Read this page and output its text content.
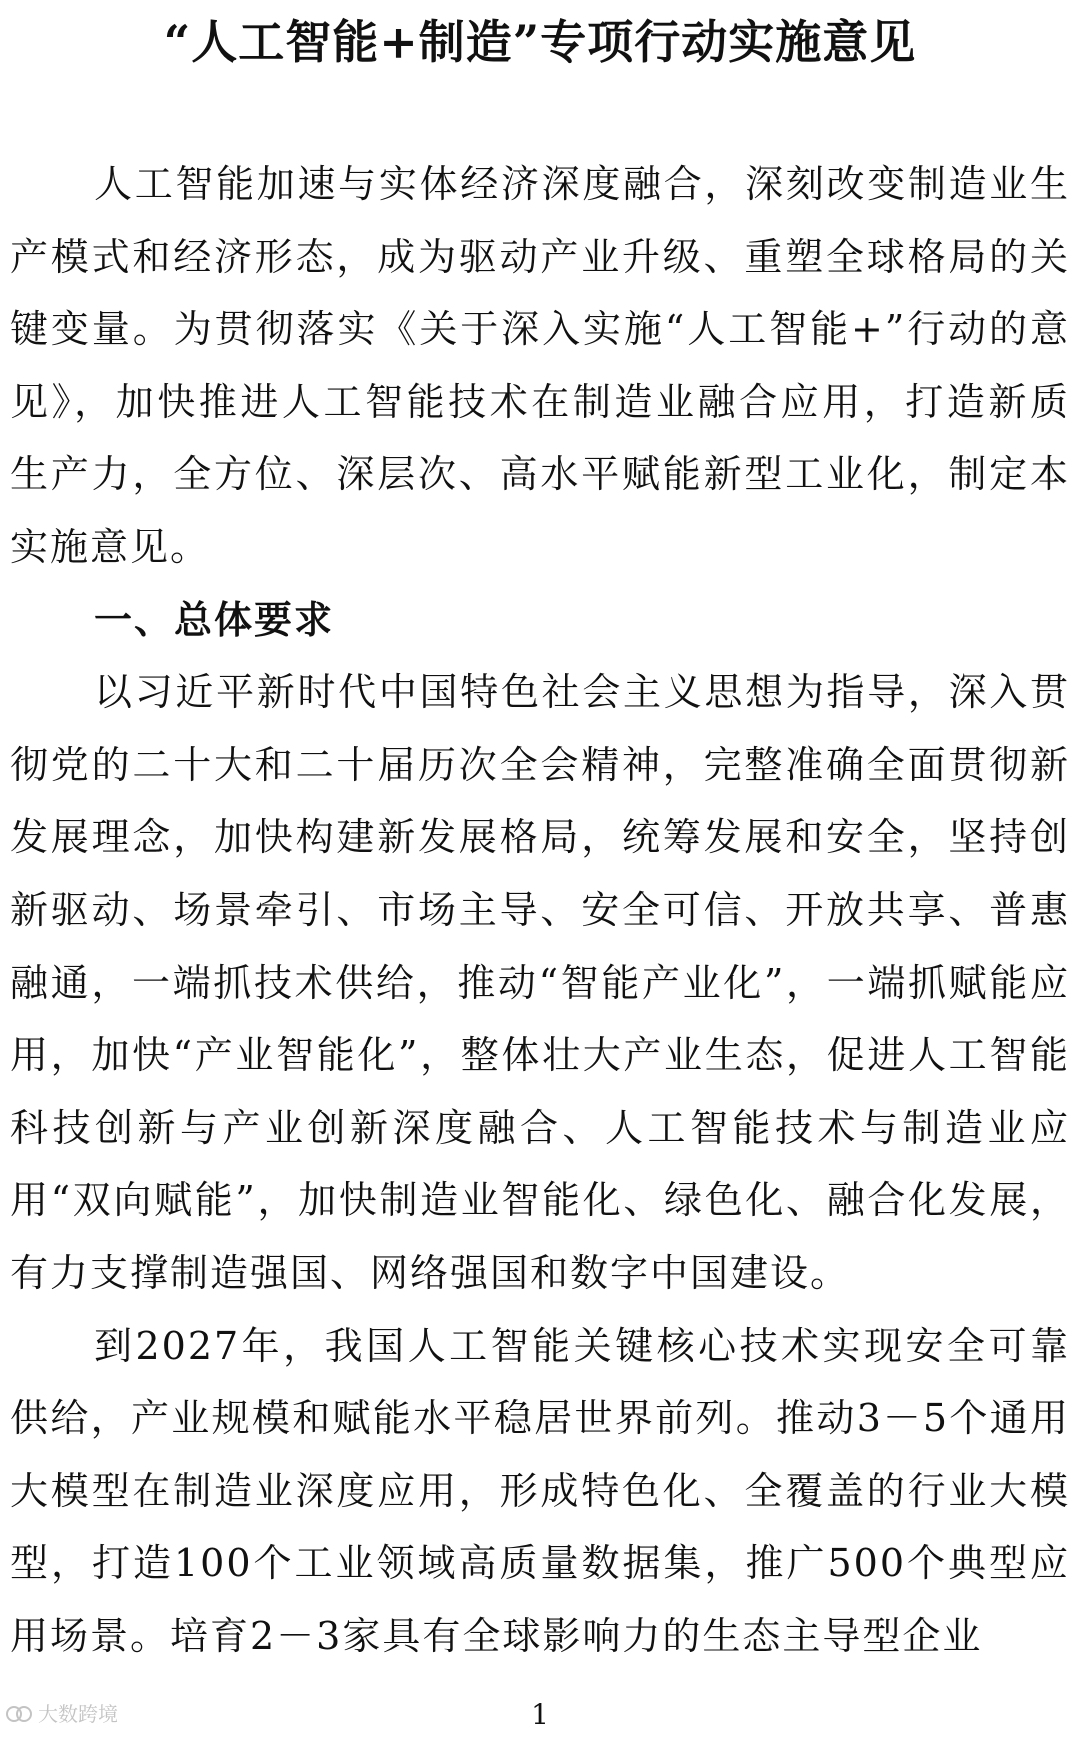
“人工智能+制造”专项行动实施意见

人工智能加速与实体经济深度融合，深刻改变制造业生产模式和经济形态，成为驱动产业升级、重塑全球格局的关键变量。为贯彻落实《关于深入实施“人工智能+”行动的意见》，加快推进人工智能技术在制造业融合应用，打造新质生产力，全方位、深层次、高水平赋能新型工业化，制定本实施意见。

一、总体要求

以习近平新时代中国特色社会主义思想为指导，深入贯彻党的二十大和二十届历次全会精神，完整准确全面贯彻新发展理念，加快构建新发展格局，统筹发展和安全，坚持创新驱动、场景牵引、市场主导、安全可信、开放共享、普惠融通，一端抓技术供给，推动“智能产业化”，一端抓赋能应用，加快“产业智能化”，整体壮大产业生态，促进人工智能科技创新与产业创新深度融合、人工智能技术与制造业应用“双向赋能”，加快制造业智能化、绿色化、融合化发展，有力支撑制造强国、网络强国和数字中国建设。

到2027年，我国人工智能关键核心技术实现安全可靠供给，产业规模和赋能水平稳居世界前列。推动3－5个通用大模型在制造业深度应用，形成特色化、全覆盖的行业大模型，打造100个工业领域高质量数据集，推广500个典型应用场景。培育2－3家具有全球影响力的生态主导型企业

大数跨境	1
